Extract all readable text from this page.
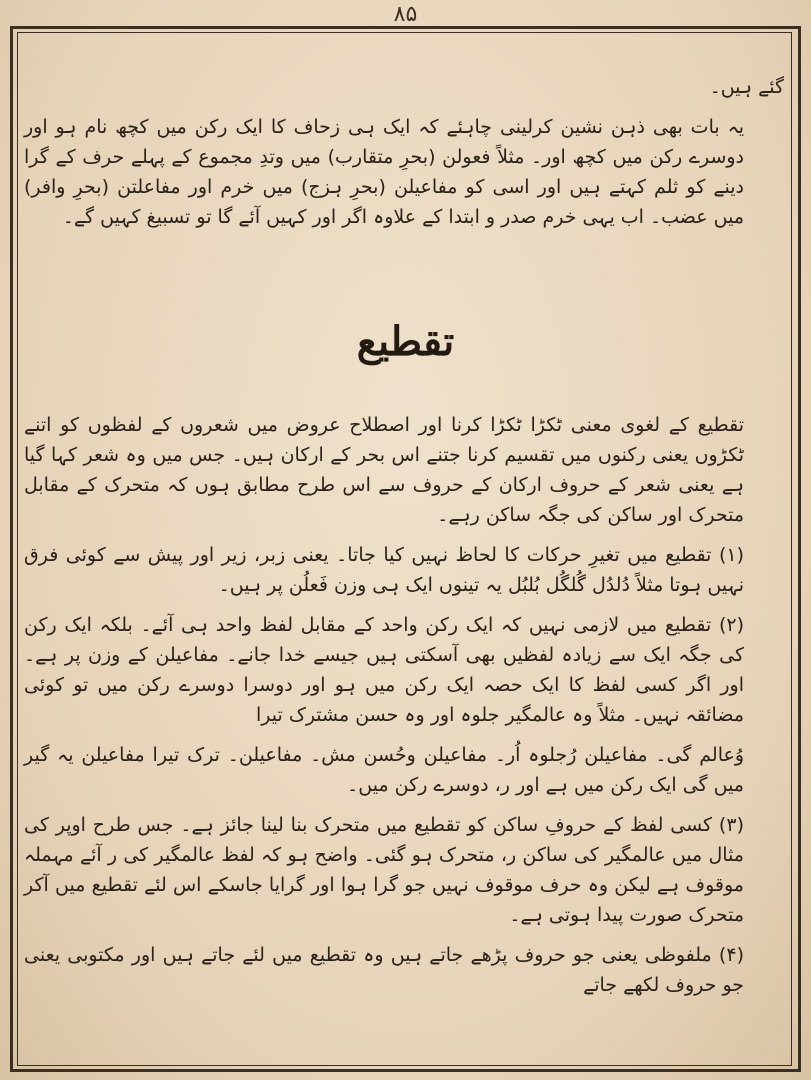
۸۵

گئے ہیں۔

یہ بات بھی ذہن نشین کرلینی چاہئے کہ ایک ہی زحاف کا ایک رکن میں کچھ نام ہو اور دوسرے رکن میں کچھ اور۔ مثلاً فعولن (بحرِ متقارب) میں وتدِ مجموع کے پہلے حرف کے گرا دینے کو ثلم کہتے ہیں اور اسی کو مفاعیلن (بحرِ ہزج) میں خرم اور مفاعلتن (بحرِ وافر) میں عضب۔ اب یہی خرم صدر و ابتدا کے علاوہ اگر اور کہیں آئے گا تو تسبیغ کہیں گے۔

تقطیع

تقطیع کے لغوی معنی ٹکڑا ٹکڑا کرنا اور اصطلاح عروض میں شعروں کے لفظوں کو اتنے ٹکڑوں یعنی رکنوں میں تقسیم کرنا جتنے اس بحر کے ارکان ہیں۔ جس میں وہ شعر کہا گیا ہے یعنی شعر کے حروف ارکان کے حروف سے اس طرح مطابق ہوں کہ متحرک کے مقابل متحرک اور ساکن کی جگہ ساکن رہے۔

(۱) تقطیع میں تغیرِ حرکات کا لحاظ نہیں کیا جاتا۔ یعنی زبر، زیر اور پیش سے کوئی فرق نہیں ہوتا مثلاً دُلدُل گُلگُل بُلبُل یہ تینوں ایک ہی وزن فَعلُن پر ہیں۔

(۲) تقطیع میں لازمی نہیں کہ ایک رکن واحد کے مقابل لفظ واحد ہی آئے۔ بلکہ ایک رکن کی جگہ ایک سے زیادہ لفظیں بھی آسکتی ہیں جیسے خدا جانے۔ مفاعیلن کے وزن پر ہے۔ اور اگر کسی لفظ کا ایک حصہ ایک رکن میں ہو اور دوسرا دوسرے رکن میں تو کوئی مضائقہ نہیں۔ مثلاً وہ عالمگیر جلوہ اور وہ حسن مشترک تیرا

وُعالم گی۔ مفاعیلن رُجلوہ اُر۔ مفاعیلن وحُسن مش۔ مفاعیلن۔ ترک تیرا مفاعیلن یہ گیر میں گی ایک رکن میں ہے اور ر، دوسرے رکن میں۔

(۳) کسی لفظ کے حروفِ ساکن کو تقطیع میں متحرک بنا لینا جائز ہے۔ جس طرح اوپر کی مثال میں عالمگیر کی ساکن ر، متحرک ہو گئی۔ واضح ہو کہ لفظ عالمگیر کی ر آئے مہملہ موقوف ہے لیکن وہ حرف موقوف نہیں جو گرا ہوا اور گرایا جاسکے اس لئے تقطیع میں آکر متحرک صورت پیدا ہوتی ہے۔

(۴) ملفوظی یعنی جو حروف پڑھے جاتے ہیں وہ تقطیع میں لئے جاتے ہیں اور مکتوبی یعنی جو حروف لکھے جاتے
